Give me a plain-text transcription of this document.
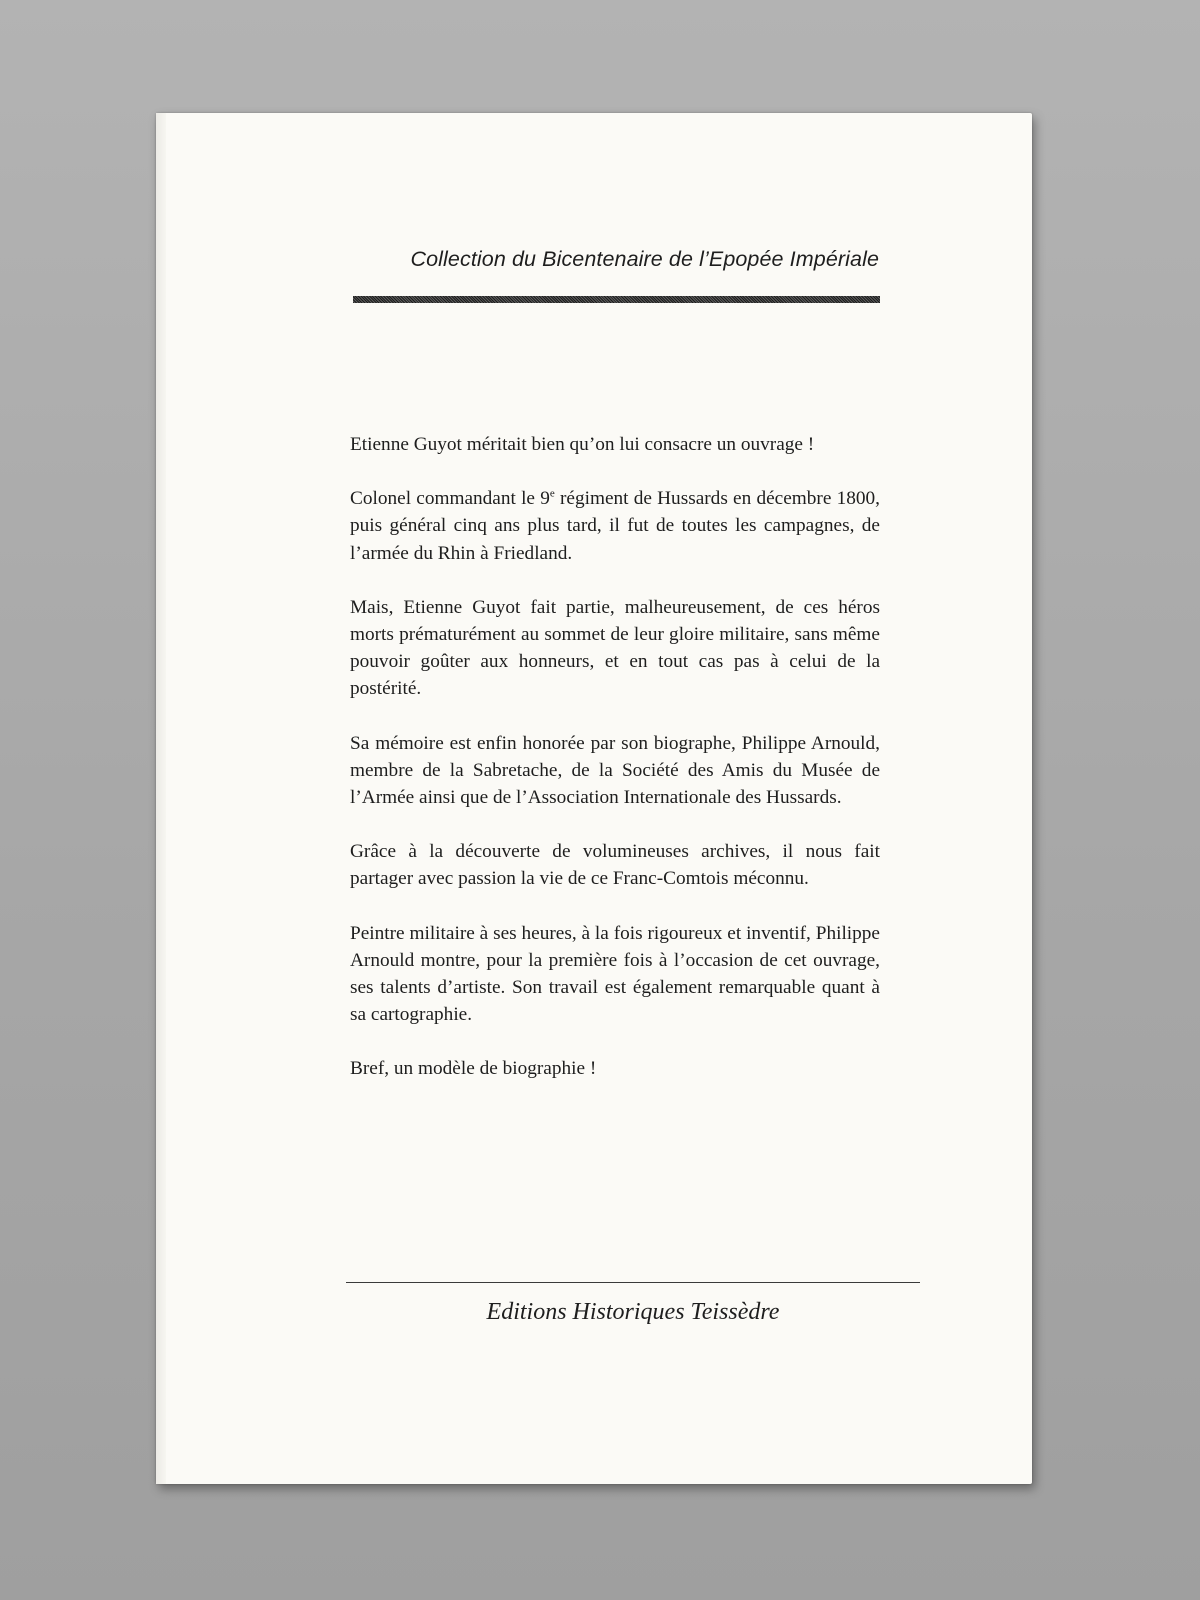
Collection du Bicentenaire de l’Epopée Impériale

Etienne Guyot méritait bien qu’on lui consacre un ouvrage !

Colonel commandant le 9e régiment de Hussards en décembre 1800, puis général cinq ans plus tard, il fut de toutes les campagnes, de l’armée du Rhin à Friedland.

Mais, Etienne Guyot fait partie, malheureusement, de ces héros morts prématurément au sommet de leur gloire militaire, sans même pouvoir goûter aux honneurs, et en tout cas pas à celui de la postérité.

Sa mémoire est enfin honorée par son biographe, Philippe Arnould, membre de la Sabretache, de la Société des Amis du Musée de l’Armée ainsi que de l’Association Internationale des Hussards.

Grâce à la découverte de volumineuses archives, il nous fait partager avec passion la vie de ce Franc-Comtois méconnu.

Peintre militaire à ses heures, à la fois rigoureux et inventif, Philippe Arnould montre, pour la première fois à l’occasion de cet ouvrage, ses talents d’artiste. Son travail est également remarquable quant à sa cartographie.

Bref, un modèle de biographie !

Editions Historiques Teissèdre
